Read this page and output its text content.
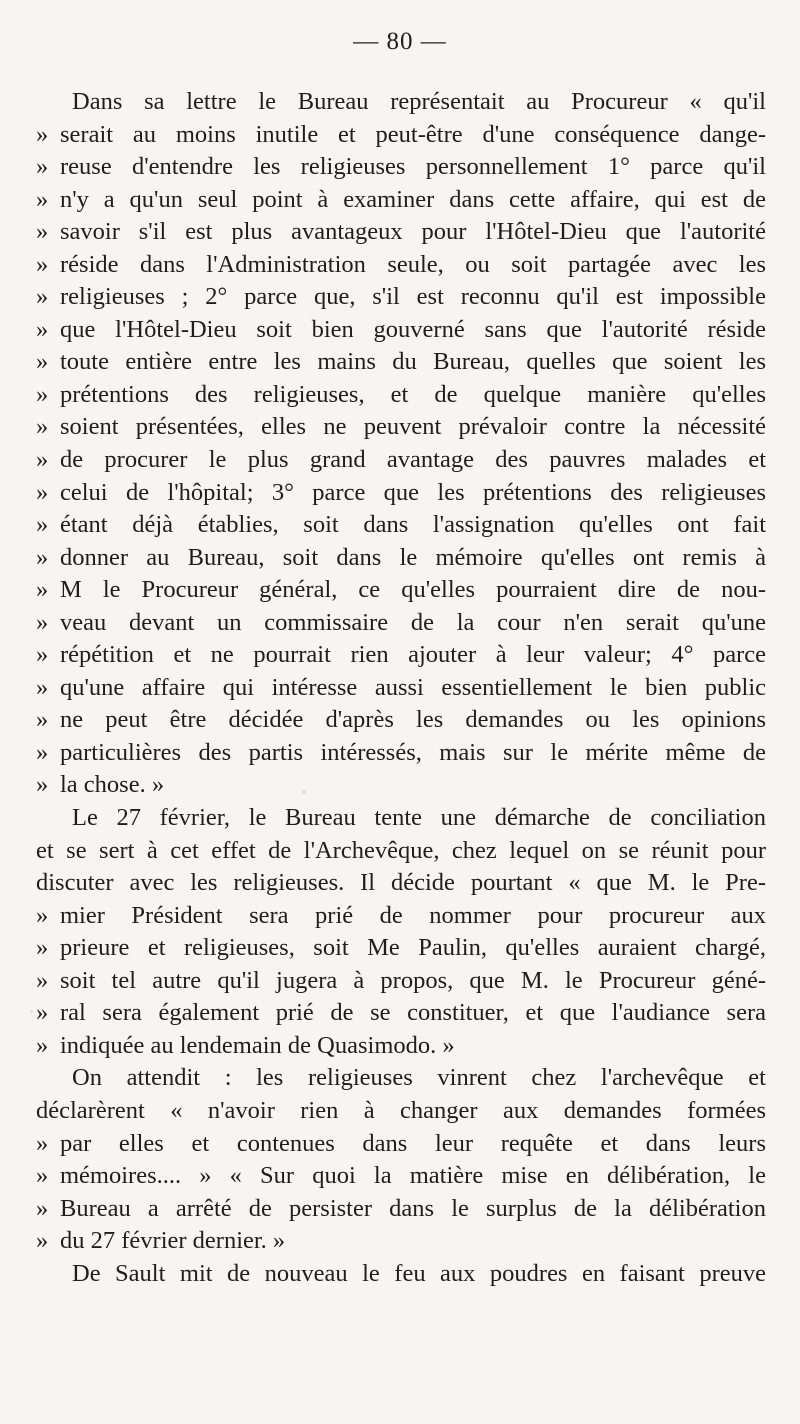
— 80 —
Dans sa lettre le Bureau représentait au Procureur « qu'il
» serait au moins inutile et peut-être d'une conséquence dange-
» reuse d'entendre les religieuses personnellement 1° parce qu'il
» n'y a qu'un seul point à examiner dans cette affaire, qui est de
» savoir s'il est plus avantageux pour l'Hôtel-Dieu que l'autorité
» réside dans l'Administration seule, ou soit partagée avec les
» religieuses ; 2° parce que, s'il est reconnu qu'il est impossible
» que l'Hôtel-Dieu soit bien gouverné sans que l'autorité réside
» toute entière entre les mains du Bureau, quelles que soient les
» prétentions des religieuses, et de quelque manière qu'elles
» soient présentées, elles ne peuvent prévaloir contre la nécessité
» de procurer le plus grand avantage des pauvres malades et
» celui de l'hôpital; 3° parce que les prétentions des religieuses
» étant déjà établies, soit dans l'assignation qu'elles ont fait
» donner au Bureau, soit dans le mémoire qu'elles ont remis à
» M le Procureur général, ce qu'elles pourraient dire de nou-
» veau devant un commissaire de la cour n'en serait qu'une
» répétition et ne pourrait rien ajouter à leur valeur; 4° parce
» qu'une affaire qui intéresse aussi essentiellement le bien public
» ne peut être décidée d'après les demandes ou les opinions
» particulières des partis intéressés, mais sur le mérite même de
» la chose. »
Le 27 février, le Bureau tente une démarche de conciliation
et se sert à cet effet de l'Archevêque, chez lequel on se réunit pour
discuter avec les religieuses. Il décide pourtant « que M. le Pre-
» mier Président sera prié de nommer pour procureur aux
» prieure et religieuses, soit Me Paulin, qu'elles auraient chargé,
» soit tel autre qu'il jugera à propos, que M. le Procureur géné-
» ral sera également prié de se constituer, et que l'audiance sera
» indiquée au lendemain de Quasimodo. »
On attendit : les religieuses vinrent chez l'archevêque et
déclarèrent « n'avoir rien à changer aux demandes formées
» par elles et contenues dans leur requête et dans leurs
» mémoires.... » « Sur quoi la matière mise en délibération, le
» Bureau a arrêté de persister dans le surplus de la délibération
» du 27 février dernier. »
De Sault mit de nouveau le feu aux poudres en faisant preuve
